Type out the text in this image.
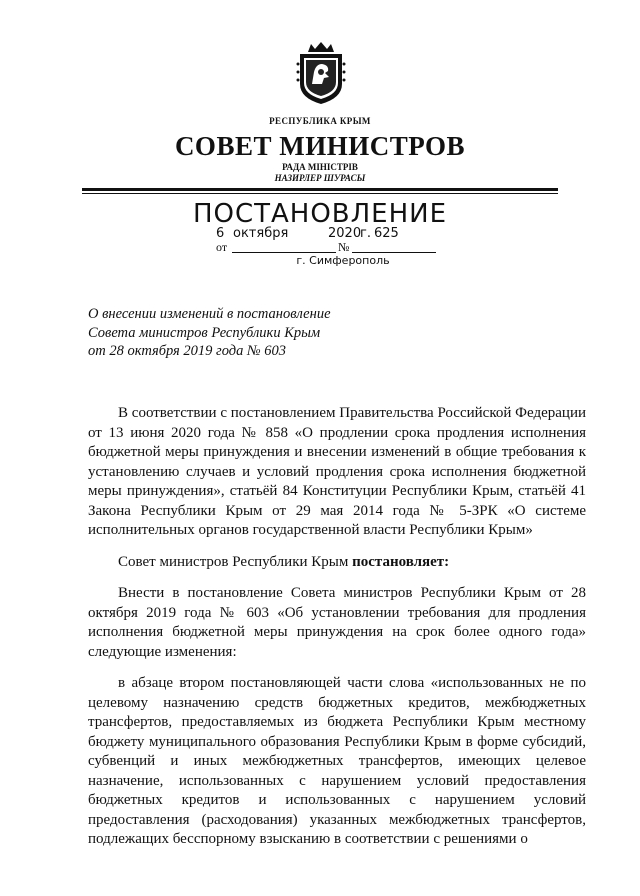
РЕСПУБЛИКА КРЫМ
СОВЕТ МИНИСТРОВ
РАДА МІНІСТРІВ
НАЗИРЛЕР ШУРАСЫ
ПОСТАНОВЛЕНИЕ
6 октября	2020
г. 625
от	№
г. Симферополь
О внесении изменений в постановление
Совета министров Республики Крым
от 28 октября 2019 года № 603

В соответствии с постановлением Правительства Российской Федерации от 13 июня 2020 года № 858 «О продлении срока продления исполнения бюджетной меры принуждения и внесении изменений в общие требования к установлению случаев и условий продления срока исполнения бюджетной меры принуждения», статьёй 84 Конституции Республики Крым, статьёй 41 Закона Республики Крым от 29 мая 2014 года № 5-ЗРК «О системе исполнительных органов государственной власти Республики Крым»

Совет министров Республики Крым постановляет:

Внести в постановление Совета министров Республики Крым от 28 октября 2019 года № 603 «Об установлении требования для продления исполнения бюджетной меры принуждения на срок более одного года» следующие изменения:

в абзаце втором постановляющей части слова «использованных не по целевому назначению средств бюджетных кредитов, межбюджетных трансфертов, предоставляемых из бюджета Республики Крым местному бюджету муниципального образования Республики Крым в форме субсидий, субвенций и иных межбюджетных трансфертов, имеющих целевое назначение, использованных с нарушением условий предоставления бюджетных кредитов и использованных с нарушением условий предоставления (расходования) указанных межбюджетных трансфертов, подлежащих бесспорному взысканию в соответствии с решениями о
